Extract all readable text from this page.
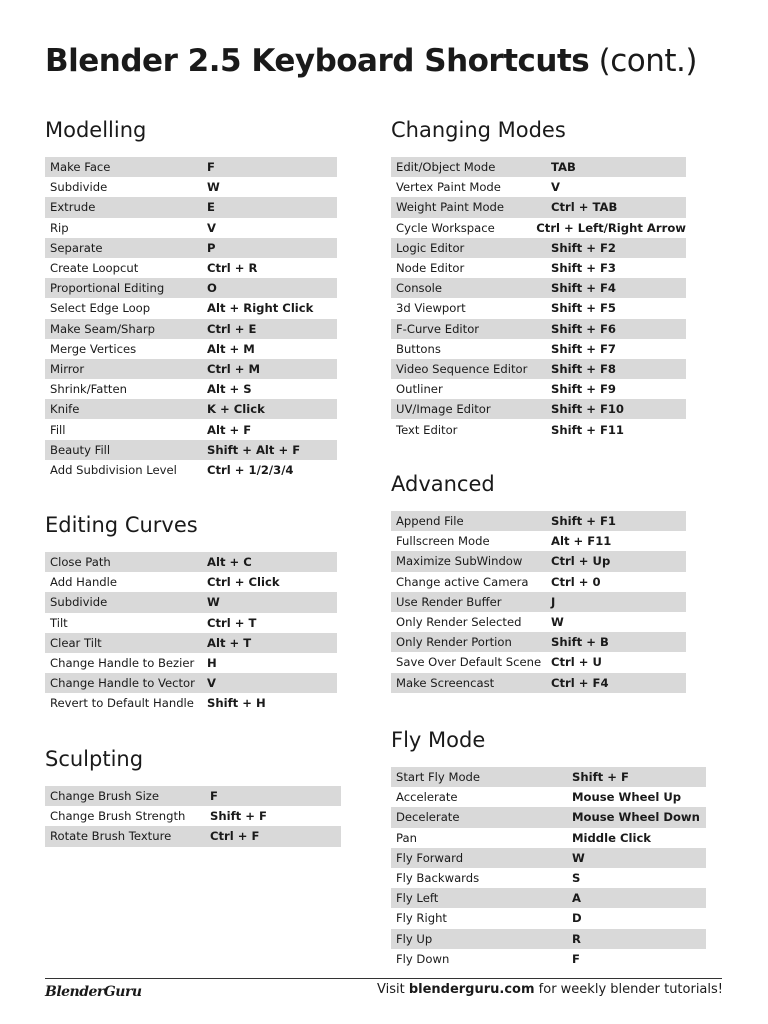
Blender 2.5 Keyboard Shortcuts (cont.)
Modelling
Make Face	F
Subdivide	W
Extrude	E
Rip	V
Separate	P
Create Loopcut	Ctrl + R
Proportional Editing	O
Select Edge Loop	Alt + Right Click
Make Seam/Sharp	Ctrl + E
Merge Vertices	Alt + M
Mirror	Ctrl + M
Shrink/Fatten	Alt + S
Knife	K + Click
Fill	Alt + F
Beauty Fill	Shift + Alt + F
Add Subdivision Level	Ctrl + 1/2/3/4
Editing Curves
Close Path	Alt + C
Add Handle	Ctrl + Click
Subdivide	W
Tilt	Ctrl + T
Clear Tilt	Alt + T
Change Handle to Bezier	H
Change Handle to Vector	V
Revert to Default Handle	Shift + H
Sculpting
Change Brush Size	F
Change Brush Strength	Shift + F
Rotate Brush Texture	Ctrl + F
Changing Modes
Edit/Object Mode	TAB
Vertex Paint Mode	V
Weight Paint Mode	Ctrl + TAB
Cycle Workspace	Ctrl + Left/Right Arrow
Logic Editor	Shift + F2
Node Editor	Shift + F3
Console	Shift + F4
3d Viewport	Shift + F5
F-Curve Editor	Shift + F6
Buttons	Shift + F7
Video Sequence Editor	Shift + F8
Outliner	Shift + F9
UV/Image Editor	Shift + F10
Text Editor	Shift + F11
Advanced
Append File	Shift + F1
Fullscreen Mode	Alt + F11
Maximize SubWindow	Ctrl + Up
Change active Camera	Ctrl + 0
Use Render Buffer	J
Only Render Selected	W
Only Render Portion	Shift + B
Save Over Default Scene Ctrl + U
Make Screencast	Ctrl + F4
Fly Mode
Start Fly Mode	Shift + F
Accelerate	Mouse Wheel Up
Decelerate	Mouse Wheel Down
Pan	Middle Click
Fly Forward	W
Fly Backwards	S
Fly Left	A
Fly Right	D
Fly Up	R
Fly Down	F
BlenderGuru	Visit blenderguru.com for weekly blender tutorials!
